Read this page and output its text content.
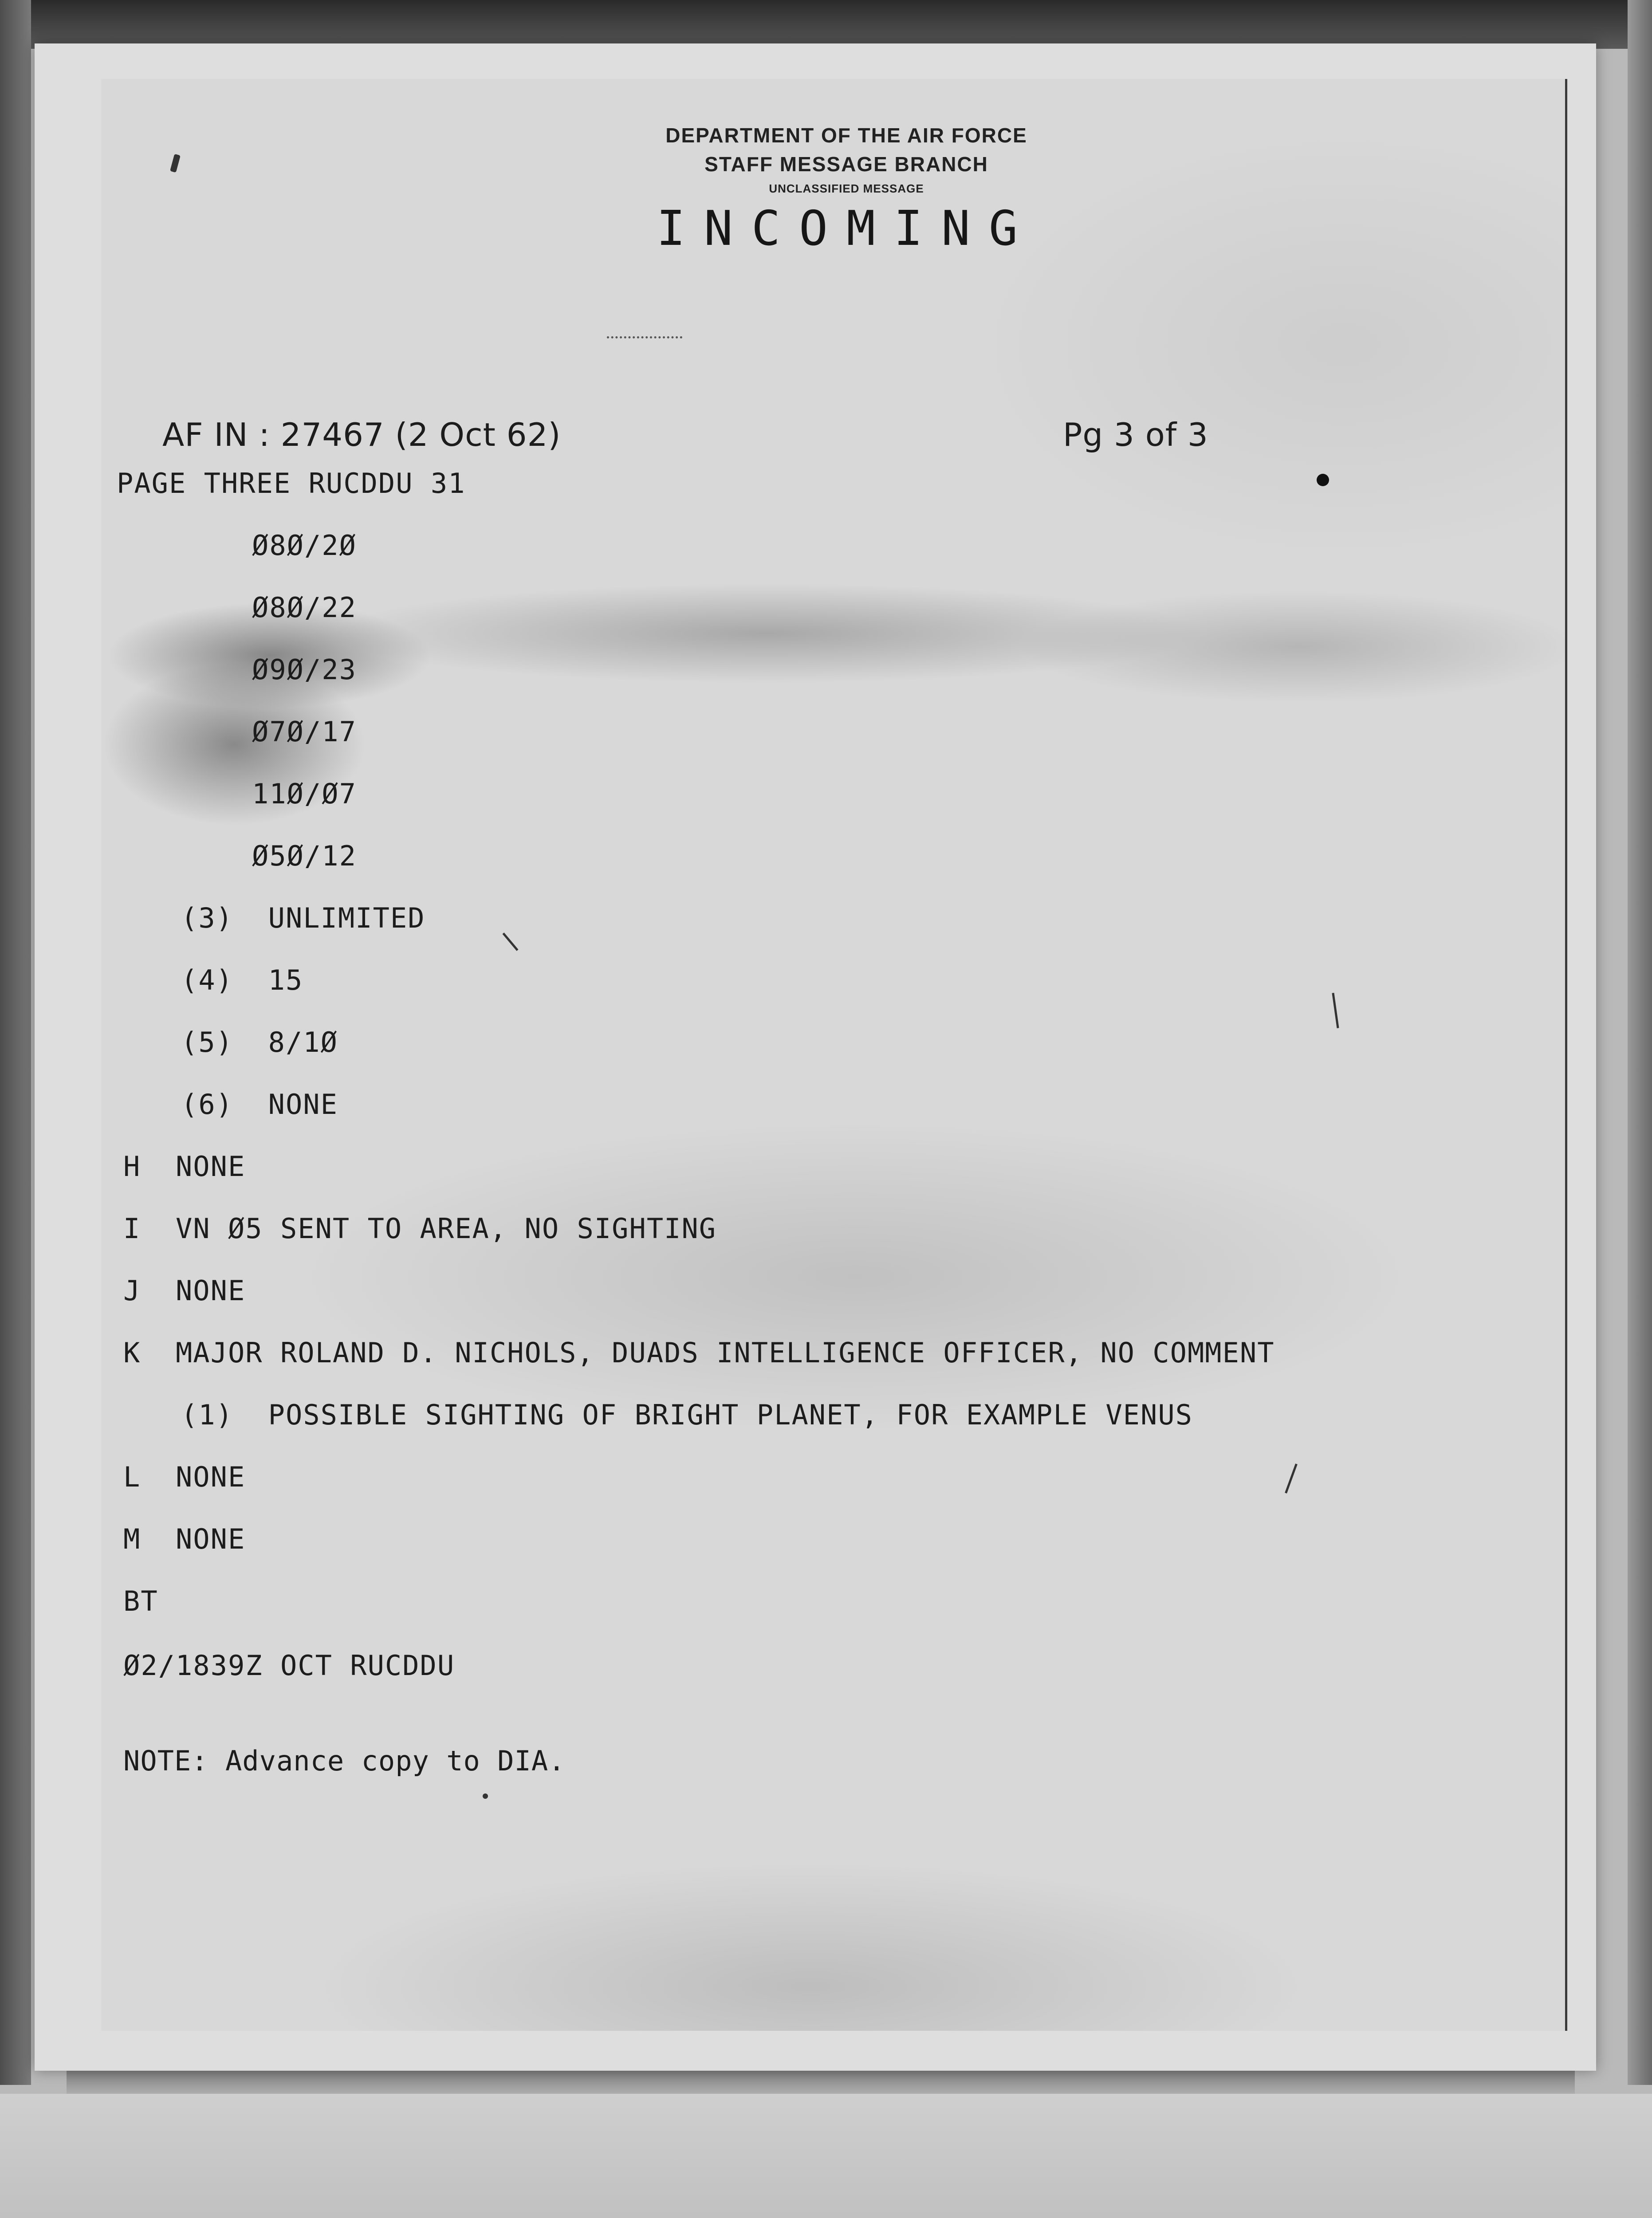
DEPARTMENT OF THE AIR FORCE
STAFF MESSAGE BRANCH
UNCLASSIFIED MESSAGE
INCOMING
AF IN : 27467 (2 Oct 62)	Pg 3 of 3
PAGE THREE RUCDDU 31
Ø8Ø/2Ø
Ø8Ø/22
Ø9Ø/23
Ø7Ø/17
11Ø/Ø7
Ø5Ø/12
(3)  UNLIMITED
(4)  15
(5)  8/1Ø
(6)  NONE
H  NONE
I  VN Ø5 SENT TO AREA, NO SIGHTING
J  NONE
K  MAJOR ROLAND D. NICHOLS, DUADS INTELLIGENCE OFFICER, NO COMMENT
(1)  POSSIBLE SIGHTING OF BRIGHT PLANET, FOR EXAMPLE VENUS
L  NONE
M  NONE
BT
Ø2/1839Z OCT RUCDDU
NOTE: Advance copy to DIA.
